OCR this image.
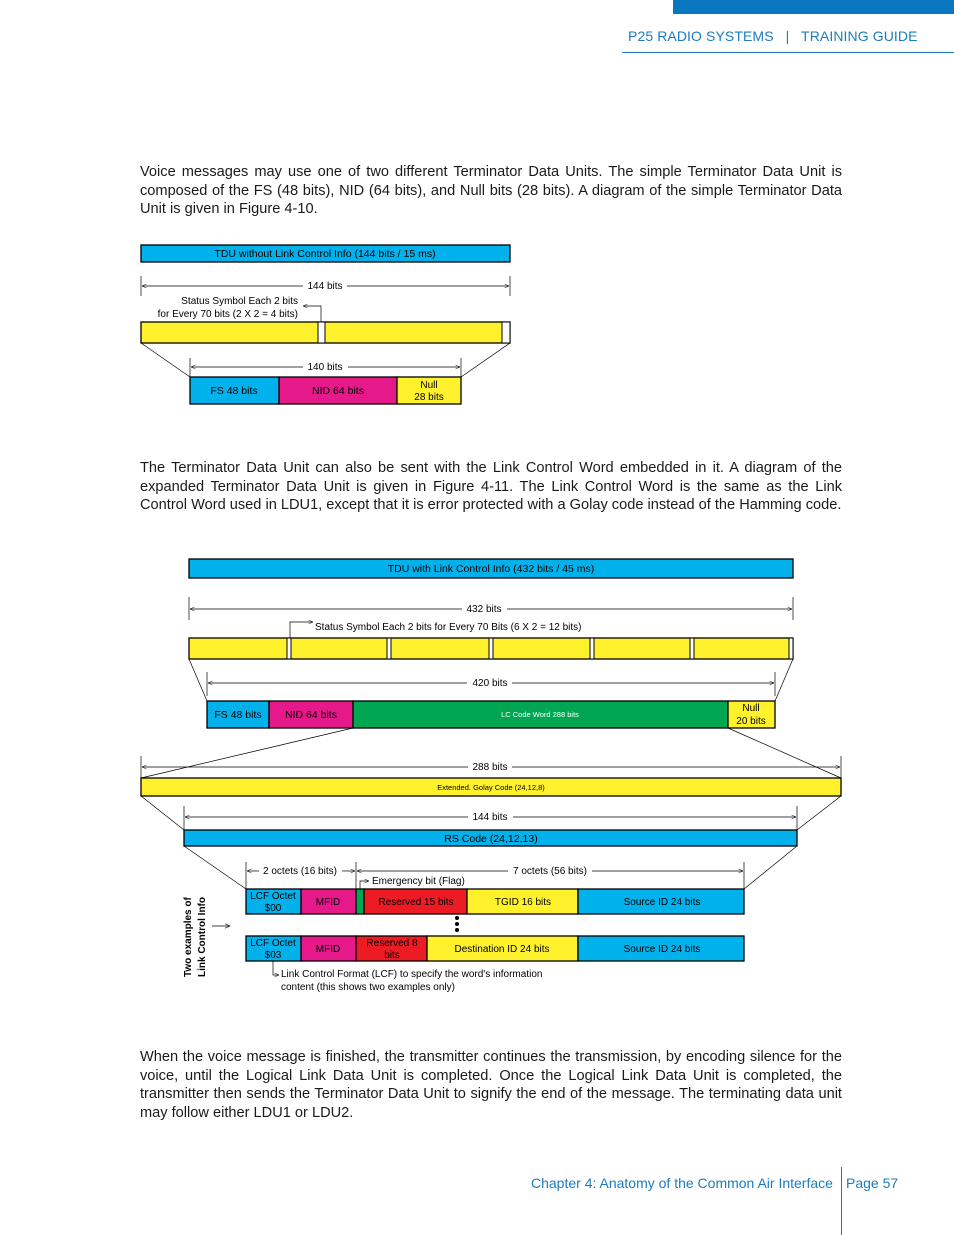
P25 RADIO SYSTEMS   |   TRAINING GUIDE

Voice messages may use one of two different Terminator Data Units. The simple Terminator Data Unit is composed of the FS (48 bits), NID (64 bits), and Null bits (28 bits). A diagram of the simple Terminator Data Unit is given in Figure 4-10.

TDU without Link Control Info (144 bits / 15 ms)
144 bits
Status Symbol Each 2 bits
for Every 70 bits (2 X 2 = 4 bits)
140 bits
FS 48 bits	NID 64 bits	Null
28 bits
TDU with Link Control Info (432 bits / 45 ms)
432 bits
Status Symbol Each 2 bits for Every 70 Bits (6 X 2 = 12 bits)
420 bits
FS 48 bits NID 64 bits	LC Code Word 288 bits
Null
20 bits
288 bits
Extended. Golay Code (24,12,8)
144 bits
RS Code (24,12,13)
2 octets (16 bits)	7 octets (56 bits)
Emergency bit (Flag)
Two examples of Link Control Info
LCF Octet
$00
MFID	Reserved 15 bits	TGID 16 bits	Source ID 24 bits
LCF Octet
$03
MFID
Reserved 8
bits
Destination ID 24 bits	Source ID 24 bits
Link Control Format (LCF) to specify the word's information
content (this shows two examples only)

The Terminator Data Unit can also be sent with the Link Control Word embedded in it. A diagram of the expanded Terminator Data Unit is given in Figure 4-11. The Link Control Word is the same as the Link Control Word used in LDU1, except that it is error protected with a Golay code instead of the Hamming code.

When the voice message is finished, the transmitter continues the transmission, by encoding silence for the voice, until the Logical Link Data Unit is completed. Once the Logical Link Data Unit is completed, the transmitter then sends the Terminator Data Unit to signify the end of the message. The terminating data unit may follow either LDU1 or LDU2.

Chapter 4: Anatomy of the Common Air Interface Page 57
